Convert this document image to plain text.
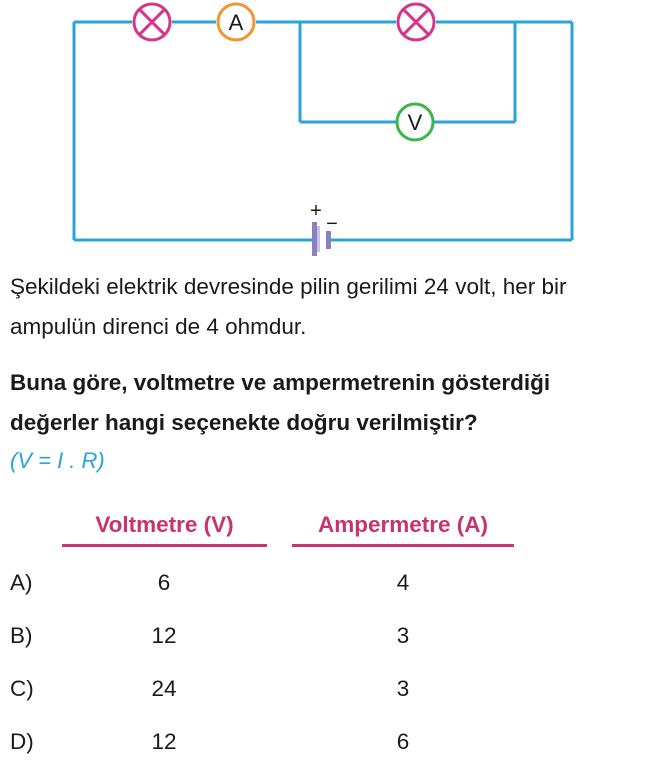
A
V
+
−

Şekildeki elektrik devresinde pilin gerilimi 24 volt, her bir ampulün direnci de 4 ohmdur.

Buna göre, voltmetre ve ampermetrenin gösterdiği değerler hangi seçenekte doğru verilmiştir?

(V = I . R)
Voltmetre (V)	Ampermetre (A)
A)	6	4
B)	12	3
C)	24	3
D)	12	6
